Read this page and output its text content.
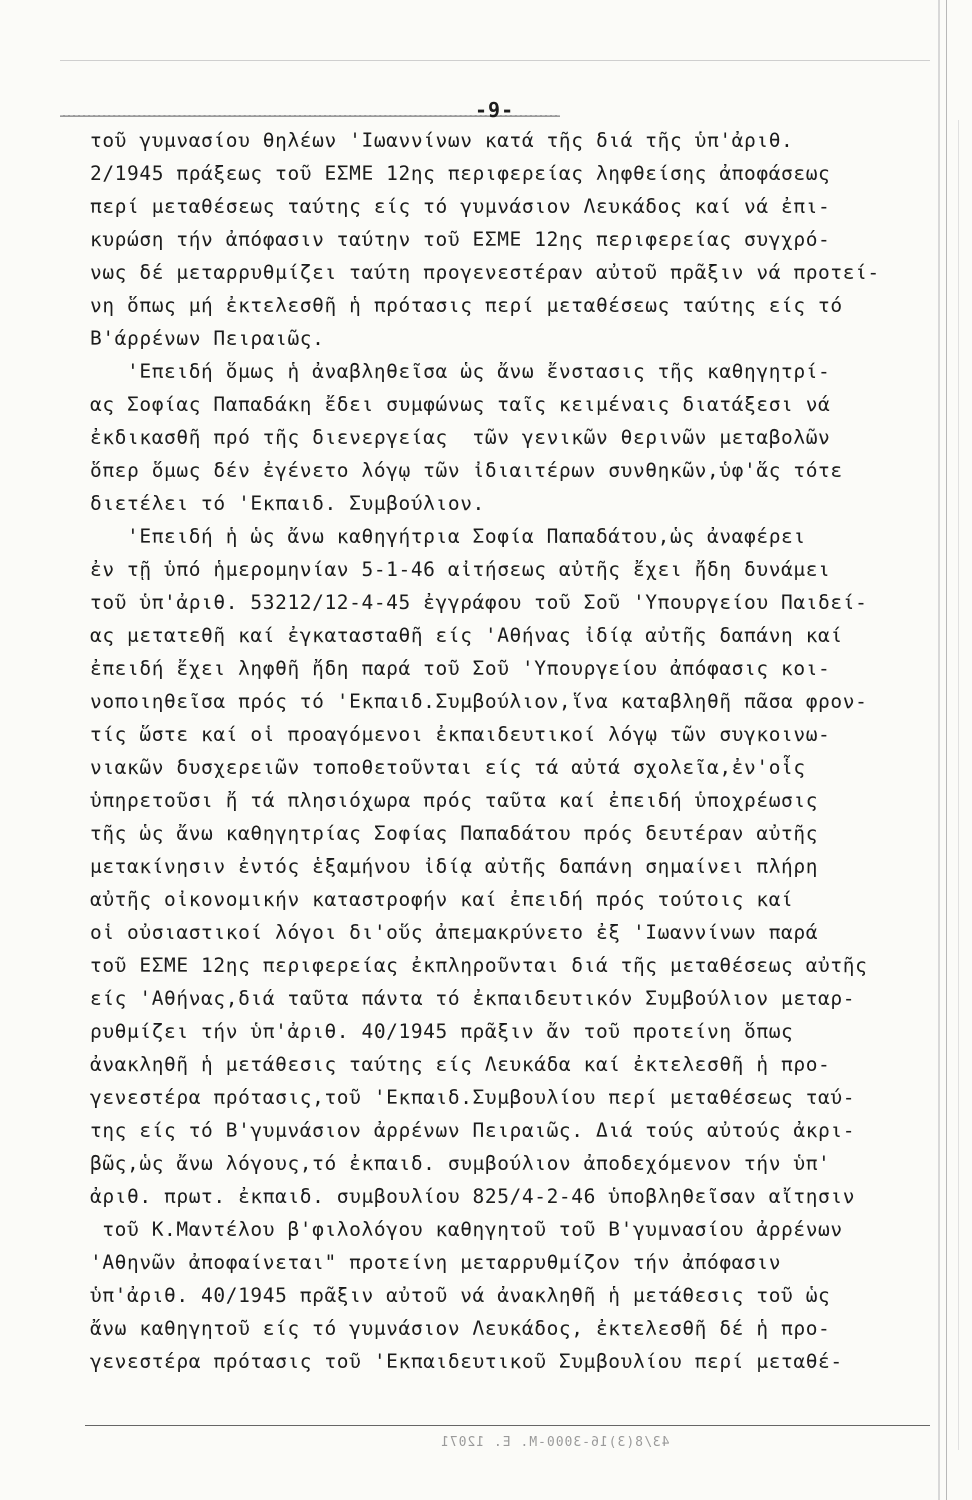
-9-
τοῦ γυμνασίου θηλέων 'Ιωαννίνων κατά τῆς διά τῆς ὑπ'ἀριθ.
2/1945 πράξεως τοῦ ΕΣΜΕ 12ης περιφερείας ληφθείσης ἀποφάσεως
περί μεταθέσεως ταύτης είς τό γυμνάσιον Λευκάδος καί νά ἐπι-
κυρώση τήν ἀπόφασιν ταύτην τοῦ ΕΣΜΕ 12ης περιφερείας συγχρό-
νως δέ μεταρρυθμίζει ταύτη προγενεστέραν αὐτοῦ πρᾶξιν νά προτεί-
νη ὅπως μή ἐκτελεσθῆ ἡ πρότασις περί μεταθέσεως ταύτης είς τό
Β'άρρένων Πειραιῶς.
'Επειδή ὅμως ἡ ἀναβληθεῖσα ὡς ἄνω ἔνστασις τῆς καθηγητρί-
ας Σοφίας Παπαδάκη ἔδει συμφώνως ταῖς κειμέναις διατάξεσι νά
ἐκδικασθῆ πρό τῆς διενεργείας  τῶν γενικῶν θερινῶν μεταβολῶν
ὅπερ ὅμως δέν ἐγένετο λόγῳ τῶν ἰδιαιτέρων συνθηκῶν,ὑφ'ἅς τότε
διετέλει τό 'Εκπαιδ. Συμβούλιον.
'Επειδή ἡ ὡς ἄνω καθηγήτρια Σοφία Παπαδάτου,ὡς ἀναφέρει
ἐν τῇ ὑπό ἡμερομηνίαν 5-1-46 αἰτήσεως αὐτῆς ἔχει ἤδη δυνάμει
τοῦ ὑπ'ἀριθ. 53212/12-4-45 ἐγγράφου τοῦ Σοῦ 'Υπουργείου Παιδεί-
ας μετατεθῆ καί ἐγκατασταθῆ είς 'Αθήνας ἰδίᾳ αὐτῆς δαπάνη καί
ἐπειδή ἔχει ληφθῆ ἤδη παρά τοῦ Σοῦ 'Υπουργείου ἀπόφασις κοι-
νοποιηθεῖσα πρός τό 'Εκπαιδ.Συμβούλιον,ἵνα καταβληθῆ πᾶσα φρον-
τίς ὥστε καί οἱ προαγόμενοι ἐκπαιδευτικοί λόγῳ τῶν συγκοινω-
νιακῶν δυσχερειῶν τοποθετοῦνται είς τά αὐτά σχολεῖα,ἐν'οἷς
ὑπηρετοῦσι ἤ τά πλησιόχωρα πρός ταῦτα καί ἐπειδή ὑποχρέωσις
τῆς ὡς ἄνω καθηγητρίας Σοφίας Παπαδάτου πρός δευτέραν αὐτῆς
μετακίνησιν ἐντός ἑξαμήνου ἰδίᾳ αὐτῆς δαπάνη σημαίνει πλήρη
αὐτῆς οἰκονομικήν καταστροφήν καί ἐπειδή πρός τούτοις καί
οἱ οὐσιαστικοί λόγοι δι'οὕς ἀπεμακρύνετο ἐξ 'Ιωαννίνων παρά
τοῦ ΕΣΜΕ 12ης περιφερείας ἐκπληροῦνται διά τῆς μεταθέσεως αὐτῆς
είς 'Αθήνας,διά ταῦτα πάντα τό ἐκπαιδευτικόν Συμβούλιον μεταρ-
ρυθμίζει τήν ὑπ'ἀριθ. 40/1945 πρᾶξιν ἄν τοῦ προτείνη ὅπως
ἀνακληθῆ ἡ μετάθεσις ταύτης είς Λευκάδα καί ἐκτελεσθῆ ἡ προ-
γενεστέρα πρότασις,τοῦ 'Εκπαιδ.Συμβουλίου περί μεταθέσεως ταύ-
της είς τό Β'γυμνάσιον ἀρρένων Πειραιῶς. Διά τούς αὐτούς ἀκρι-
βῶς,ὡς ἄνω λόγους,τό ἐκπαιδ. συμβούλιον ἀποδεχόμενον τήν ὑπ'
ἀριθ. πρωτ. ἐκπαιδ. συμβουλίου 825/4-2-46 ὑποβληθεῖσαν αἴτησιν
τοῦ Κ.Μαντέλου β'φιλολόγου καθηγητοῦ τοῦ Β'γυμνασίου ἀρρένων
'Αθηνῶν ἀποφαίνεται" προτείνη μεταρρυθμίζον τήν ἀπόφασιν
ὑπ'ἀριθ. 40/1945 πρᾶξιν αὐτοῦ νά ἀνακληθῆ ἡ μετάθεσις τοῦ ὡς
ἄνω καθηγητοῦ είς τό γυμνάσιον Λευκάδος, ἐκτελεσθῆ δέ ἡ προ-
γενεστέρα πρότασις τοῦ 'Εκπαιδευτικοῦ Συμβουλίου περί μεταθέ-
43/8(3)16-3000-M. E. 12071
